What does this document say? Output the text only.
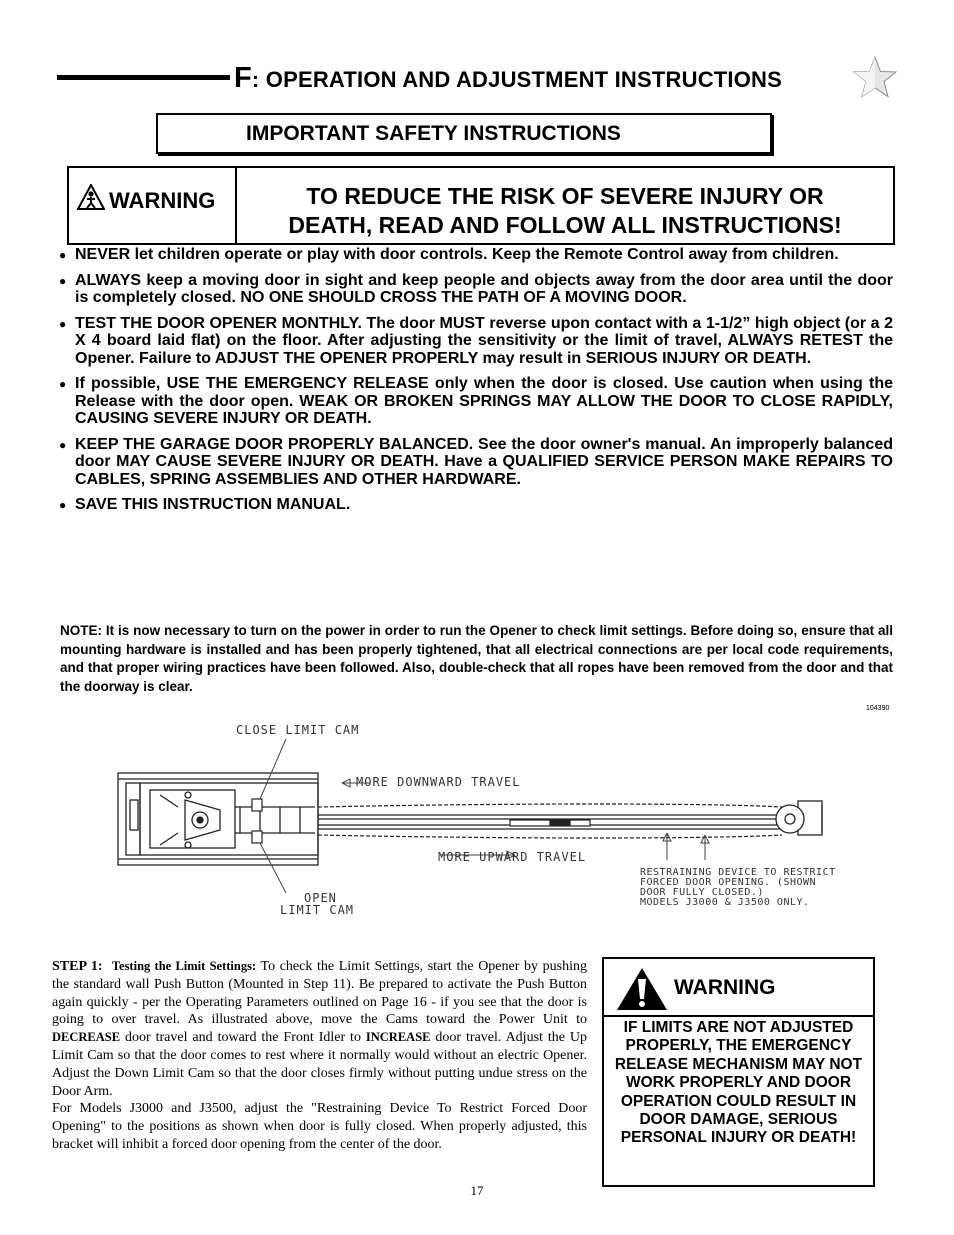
F: OPERATION AND ADJUSTMENT INSTRUCTIONS
IMPORTANT SAFETY INSTRUCTIONS
WARNING	TO REDUCE THE RISK OF SEVERE INJURY OR
DEATH, READ AND FOLLOW ALL INSTRUCTIONS!
● NEVER let children operate or play with door controls. Keep the Remote Control away from children.
● ALWAYS keep a moving door in sight and keep people and objects away from the door area until the door is completely closed. NO ONE SHOULD CROSS THE PATH OF A MOVING DOOR.
● TEST THE DOOR OPENER MONTHLY. The door MUST reverse upon contact with a 1-1/2” high object (or a 2 X 4 board laid flat) on the floor. After adjusting the sensitivity or the limit of travel, ALWAYS RETEST the Opener. Failure to ADJUST THE OPENER PROPERLY may result in SERIOUS INJURY OR DEATH.
● If possible, USE THE EMERGENCY RELEASE only when the door is closed. Use caution when using the Release with the door open. WEAK OR BROKEN SPRINGS MAY ALLOW THE DOOR TO CLOSE RAPIDLY, CAUSING SEVERE INJURY OR DEATH.
● KEEP THE GARAGE DOOR PROPERLY BALANCED. See the door owner's manual. An improperly balanced door MAY CAUSE SEVERE INJURY OR DEATH. Have a QUALIFIED SERVICE PERSON MAKE REPAIRS TO CABLES, SPRING ASSEMBLIES AND OTHER HARDWARE.
● SAVE THIS INSTRUCTION MANUAL.
NOTE: It is now necessary to turn on the power in order to run the Opener to check limit settings. Before doing so, ensure that all mounting hardware is installed and has been properly tightened, that all electrical connections are per local code requirements, and that proper wiring practices have been followed. Also, double-check that all ropes have been removed from the door and that the doorway is clear.
104390
CLOSE LIMIT CAM
MORE DOWNWARD TRAVEL
MORE UPWARD TRAVEL
OPEN
LIMIT CAM
RESTRAINING DEVICE TO RESTRICT
FORCED DOOR OPENING. (SHOWN
DOOR FULLY CLOSED.)
MODELS J3000 & J3500 ONLY.
STEP 1: Testing the Limit Settings: To check the Limit Settings, start the Opener by pushing the standard wall Push Button (Mounted in Step 11). Be prepared to activate the Push Button again quickly - per the Operating Parameters outlined on Page 16 - if you see that the door is going to over travel. As illustrated above, move the Cams toward the Power Unit to DECREASE door travel and toward the Front Idler to INCREASE door travel. Adjust the Up Limit Cam so that the door comes to rest where it normally would without an electric Opener. Adjust the Down Limit Cam so that the door closes firmly without putting undue stress on the Door Arm.
For Models J3000 and J3500, adjust the "Restraining Device To Restrict Forced Door Opening" to the positions as shown when door is fully closed. When properly adjusted, this bracket will inhibit a forced door opening from the center of the door.
WARNING
IF LIMITS ARE NOT ADJUSTED PROPERLY, THE EMERGENCY RELEASE MECHANISM MAY NOT WORK PROPERLY AND DOOR OPERATION COULD RESULT IN DOOR DAMAGE, SERIOUS PERSONAL INJURY OR DEATH!
17
